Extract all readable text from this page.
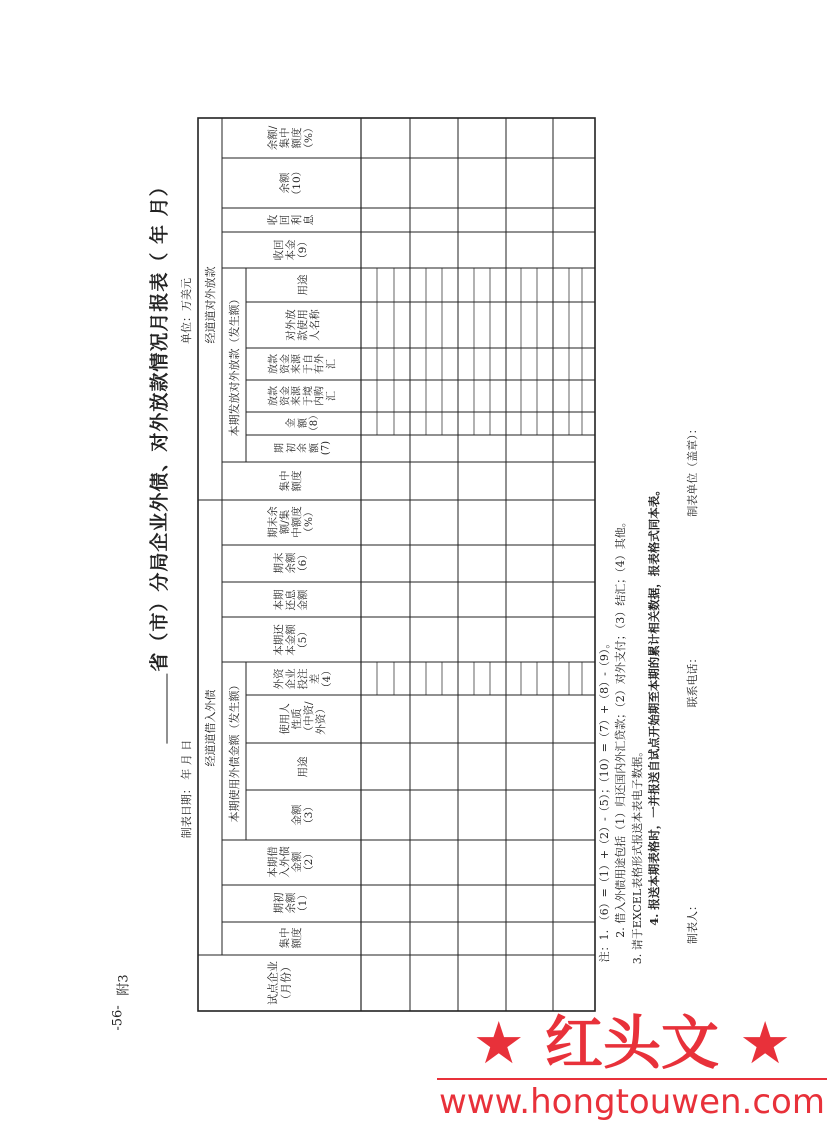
-56-
附3
省（市）分局企业外债、对外放款情况月报表（ 年 月）
制表日期： 年 月 日
单位：万美元
经道道借入外债
经道道对外放款
本期使用外债金额（发生额）
本期发放对外放款（发生额）
试点企业
（月份）
集中
额度
期初
余额
（1）
本期借
入外债
金额
（2）
金额
（3）
用途
使用人
性质
（中资/
外资）
外资
企业
投注
差
（4）
本期还
本金额
（5）
本期
还息
金额
期末
余额
（6）
期末余
额/集
中额度
（%）
集中
额度
期
初
余
额
(7)
金
额
（8）
放款
资金
来源
于境
内购
汇
放款
资金
来源
于自
有外
汇
对外放
款使用
人名称
用途
收回
本金
（9）
收
回
利
息
余额
（10）
余额/
集中
额度
（%）
注：1. （6）=（1）+（2）-（5）；（10）=（7）+（8）-（9）。 2. 借入外债用途包括（1）归还国内外汇贷款；（2）对外支付；（3）结汇；（4）其他。 3. 请于EXCEL表格形式报送本表电子数据。 4. 报送本期表格时，一并报送自试点开始期至本期的累计相关数据，报表格式同本表。 制表人：
联系电话：
制表单位（盖章）：
★ 红头文 ★
www.hongtouwen.com
